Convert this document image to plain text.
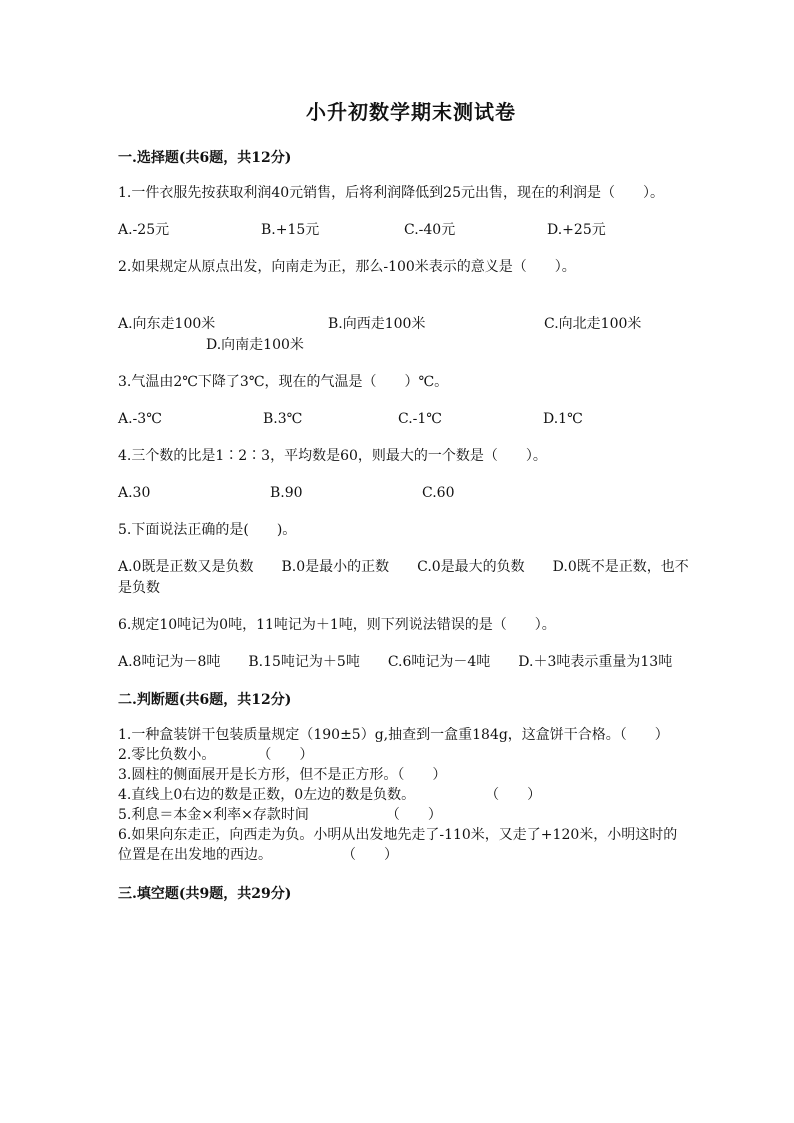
小升初数学期末测试卷
一.选择题(共6题，共12分)
1.一件衣服先按获取利润40元销售，后将利润降低到25元出售，现在的利润是（　　）。
A.-25元	B.+15元	C.-40元	D.+25元
2.如果规定从原点出发，向南走为正，那么-100米表示的意义是（　　）。
A.向东走100米	B.向西走100米	C.向北走100米
D.向南走100米
3.气温由2℃下降了3℃，现在的气温是（　　）℃。
A.-3℃	B.3℃	C.-1℃	D.1℃
4.三个数的比是1∶2∶3，平均数是60，则最大的一个数是（　　）。
A.30	B.90	C.60
5.下面说法正确的是(　　)。
A.0既是正数又是负数　　B.0是最小的正数　　C.0是最大的负数　　D.0既不是正数，也不是负数
6.规定10吨记为0吨，11吨记为＋1吨，则下列说法错误的是（　　）。
A.8吨记为－8吨　　B.15吨记为＋5吨　　C.6吨记为－4吨　　D.＋3吨表示重量为13吨
二.判断题(共6题，共12分)
1.一种盒装饼干包装质量规定（190±5）g,抽查到一盒重184g，这盒饼干合格。（　　）
2.零比负数小。　　　　（　　）
3.圆柱的侧面展开是长方形，但不是正方形。（　　）
4.直线上0右边的数是正数，0左边的数是负数。　　　　　　（　　）
5.利息＝本金×利率×存款时间　　　　　　（　　）
6.如果向东走正，向西走为负。小明从出发地先走了-110米，又走了+120米，小明这时的位置是在出发地的西边。　　　　　　（　　）
三.填空题(共9题，共29分)
